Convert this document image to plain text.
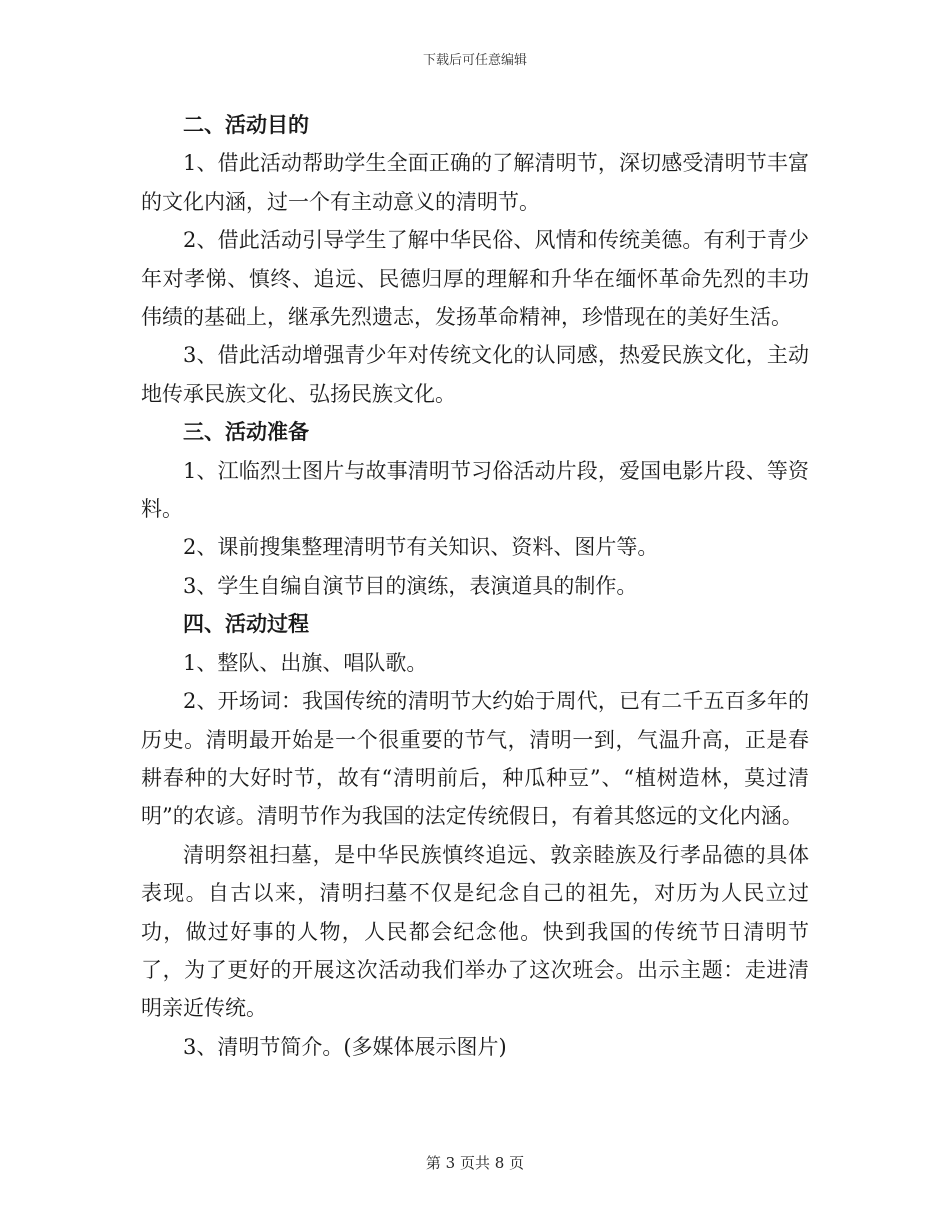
下载后可任意编辑

二、活动目的

1、借此活动帮助学生全面正确的了解清明节，深切感受清明节丰富的文化内涵，过一个有主动意义的清明节。

2、借此活动引导学生了解中华民俗、风情和传统美德。有利于青少年对孝悌、慎终、追远、民德归厚的理解和升华在缅怀革命先烈的丰功伟绩的基础上，继承先烈遗志，发扬革命精神，珍惜现在的美好生活。

3、借此活动增强青少年对传统文化的认同感，热爱民族文化，主动地传承民族文化、弘扬民族文化。

三、活动准备

1、江临烈士图片与故事清明节习俗活动片段，爱国电影片段、等资料。

2、课前搜集整理清明节有关知识、资料、图片等。

3、学生自编自演节目的演练，表演道具的制作。

四、活动过程

1、整队、出旗、唱队歌。

2、开场词：我国传统的清明节大约始于周代，已有二千五百多年的历史。清明最开始是一个很重要的节气，清明一到，气温升高，正是春耕春种的大好时节，故有“清明前后，种瓜种豆”、“植树造林，莫过清明”的农谚。清明节作为我国的法定传统假日，有着其悠远的文化内涵。

清明祭祖扫墓，是中华民族慎终追远、敦亲睦族及行孝品德的具体表现。自古以来，清明扫墓不仅是纪念自己的祖先，对历为人民立过功，做过好事的人物，人民都会纪念他。快到我国的传统节日清明节了，为了更好的开展这次活动我们举办了这次班会。出示主题：走进清明亲近传统。

3、清明节简介。(多媒体展示图片)

第 3 页共 8 页
